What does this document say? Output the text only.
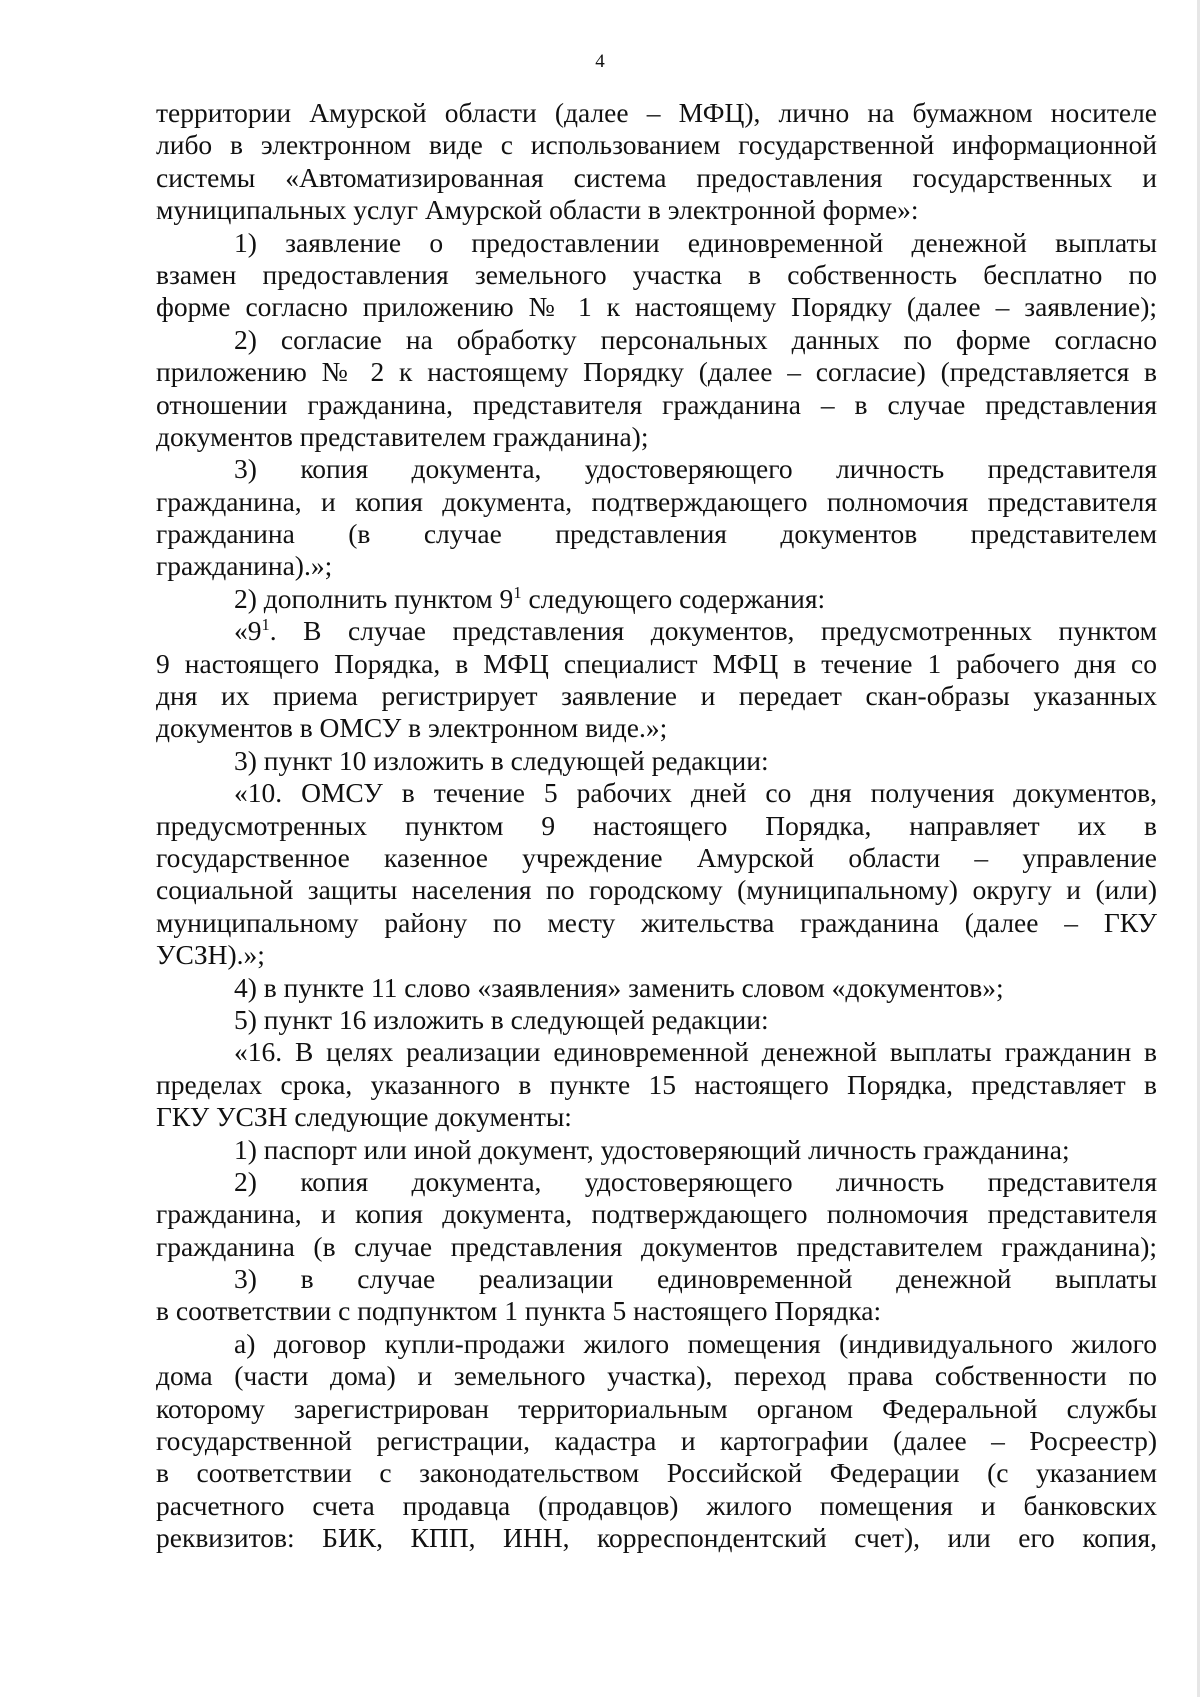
4
территории Амурской области (далее – МФЦ), лично на бумажном носителе
либо в электронном виде с использованием государственной информационной
системы «Автоматизированная система предоставления государственных и
муниципальных услуг Амурской области в электронной форме»:
1) заявление о предоставлении единовременной денежной выплаты
взамен предоставления земельного участка в собственность бесплатно по
форме согласно приложению № 1 к настоящему Порядку (далее – заявление);
2) согласие на обработку персональных данных по форме согласно
приложению № 2 к настоящему Порядку (далее – согласие) (представляется в
отношении гражданина, представителя гражданина – в случае представления
документов представителем гражданина);
3) копия документа, удостоверяющего личность представителя
гражданина, и копия документа, подтверждающего полномочия представителя
гражданина (в случае представления документов представителем
гражданина).»;
2) дополнить пунктом $9^1$ следующего содержания:
«$9^1$. В случае представления документов, предусмотренных пунктом
9 настоящего Порядка, в МФЦ специалист МФЦ в течение 1 рабочего дня со
дня их приема регистрирует заявление и передает скан-образы указанных
документов в ОМСУ в электронном виде.»;
3) пункт 10 изложить в следующей редакции:
«10. ОМСУ в течение 5 рабочих дней со дня получения документов,
предусмотренных пунктом 9 настоящего Порядка, направляет их в
государственное казенное учреждение Амурской области – управление
социальной защиты населения по городскому (муниципальному) округу и (или)
муниципальному району по месту жительства гражданина (далее – ГКУ
УСЗН).»;
4) в пункте 11 слово «заявления» заменить словом «документов»;
5) пункт 16 изложить в следующей редакции:
«16. В целях реализации единовременной денежной выплаты гражданин в
пределах срока, указанного в пункте 15 настоящего Порядка, представляет в
ГКУ УСЗН следующие документы:
1) паспорт или иной документ, удостоверяющий личность гражданина;
2) копия документа, удостоверяющего личность представителя
гражданина, и копия документа, подтверждающего полномочия представителя
гражданина (в случае представления документов представителем гражданина);
3) в случае реализации единовременной денежной выплаты
в соответствии с подпунктом 1 пункта 5 настоящего Порядка:
а) договор купли-продажи жилого помещения (индивидуального жилого
дома (части дома) и земельного участка), переход права собственности по
которому зарегистрирован территориальным органом Федеральной службы
государственной регистрации, кадастра и картографии (далее – Росреестр)
в соответствии с законодательством Российской Федерации (с указанием
расчетного счета продавца (продавцов) жилого помещения и банковских
реквизитов: БИК, КПП, ИНН, корреспондентский счет), или его копия,
